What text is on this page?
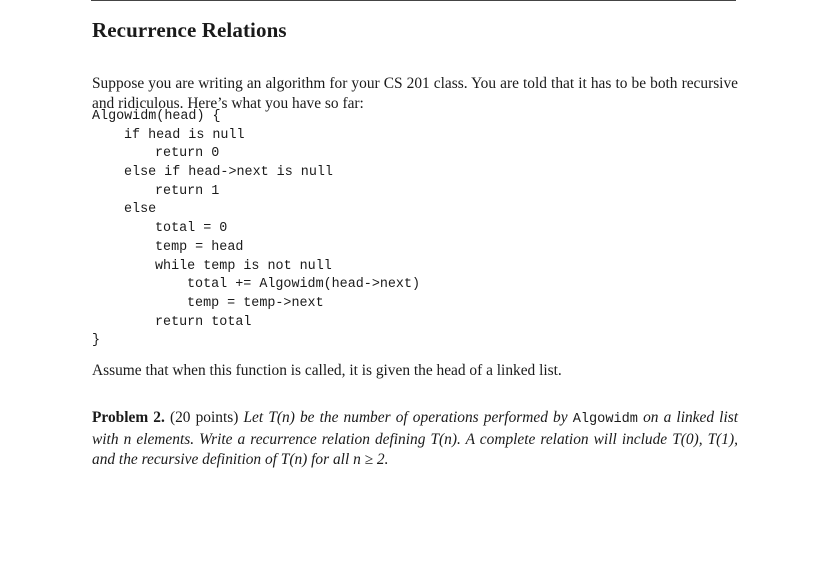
Recurrence Relations

Suppose you are writing an algorithm for your CS 201 class. You are told that it has to be both recursive and ridiculous. Here’s what you have so far:

Algowidm(head) {
if head is null
return 0
else if head->next is null
return 1
else
total = 0
temp = head
while temp is not null
total += Algowidm(head->next)
temp = temp->next
return total
}
Assume that when this function is called, it is given the head of a linked list.

Problem 2. (20 points) Let T(n) be the number of operations performed by Algowidm on a linked list with n elements. Write a recurrence relation defining T(n). A complete relation will include T(0), T(1), and the recursive definition of T(n) for all n ≥ 2.
